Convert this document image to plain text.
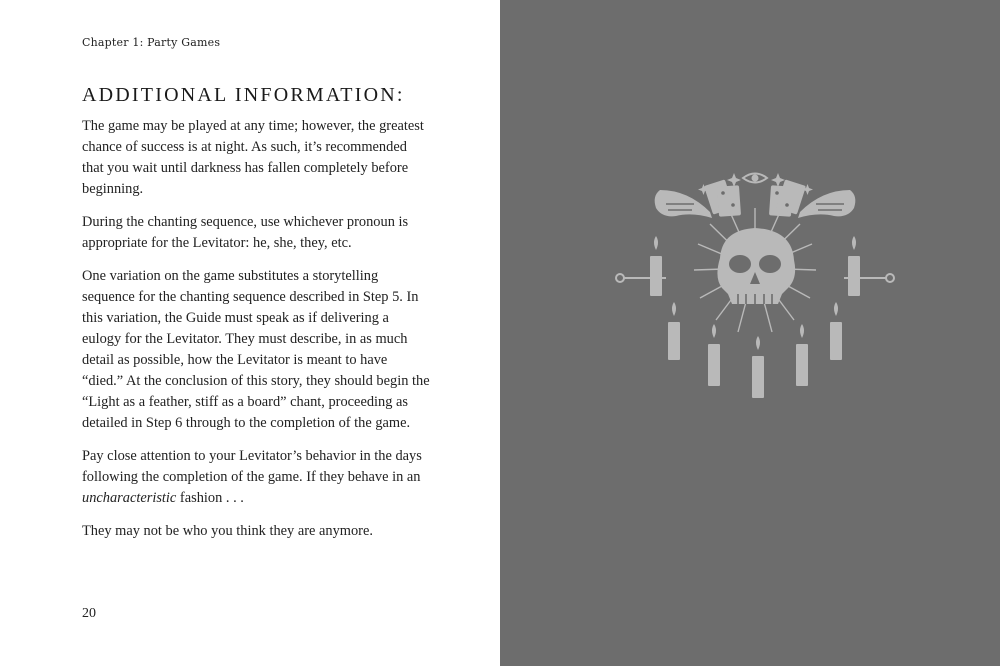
Chapter 1: Party Games
ADDITIONAL INFORMATION:

The game may be played at any time; however, the greatest chance of success is at night. As such, it’s recommended that you wait until darkness has fallen completely before beginning.

During the chanting sequence, use whichever pronoun is appropriate for the Levitator: he, she, they, etc.

One variation on the game substitutes a storytelling sequence for the chanting sequence described in Step 5. In this variation, the Guide must speak as if delivering a eulogy for the Levitator. They must describe, in as much detail as possible, how the Levitator is meant to have “died.” At the conclusion of this story, they should begin the “Light as a feather, stiff as a board” chant, proceeding as detailed in Step 6 through to the completion of the game.

Pay close attention to your Levitator’s behavior in the days following the completion of the game. If they behave in an uncharacteristic fashion . . .

They may not be who you think they are anymore.

20
